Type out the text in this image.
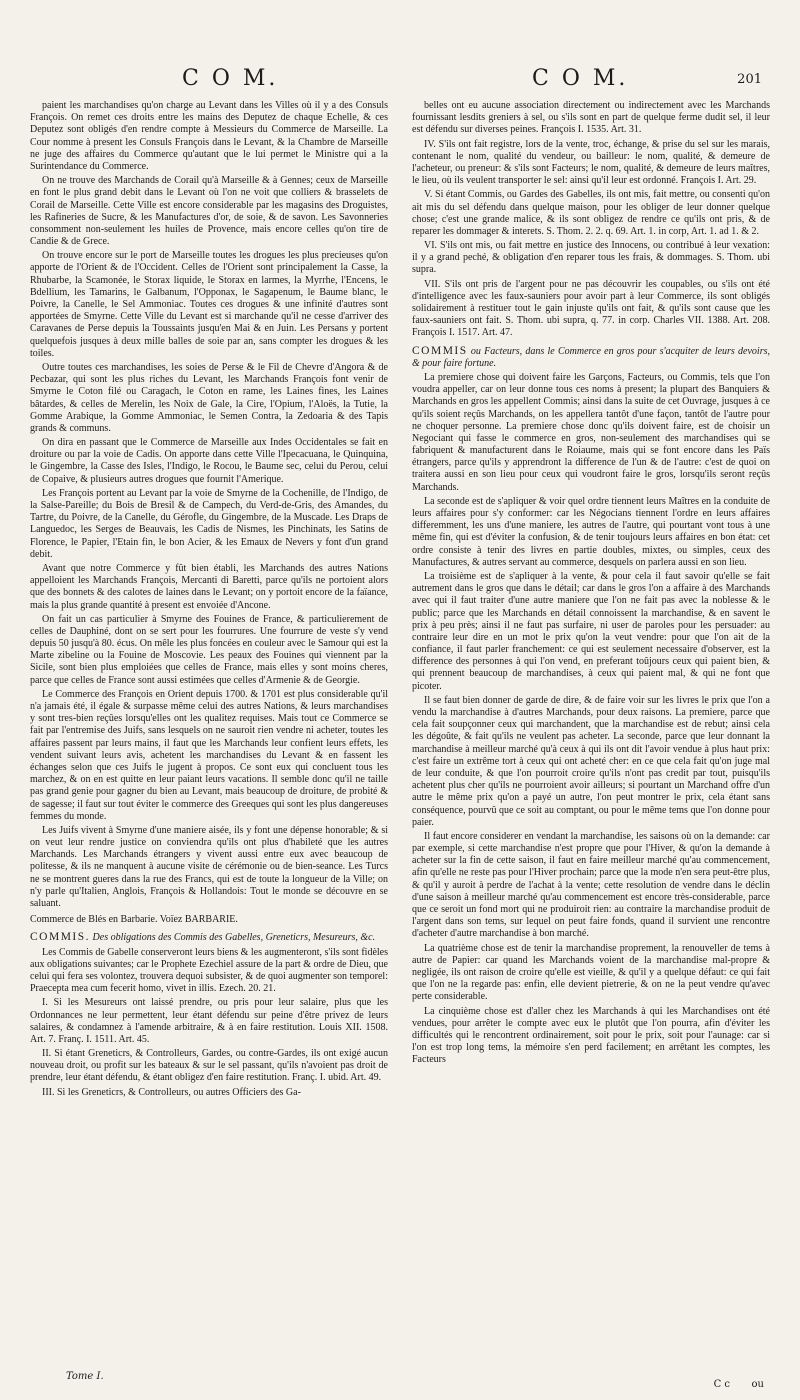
C O M.	C O M.	201

paient les marchandises qu'on charge au Levant dans les Villes où il y a des Consuls François. On remet ces droits entre les mains des Deputez de chaque Echelle, & ces Deputez sont obligés d'en rendre compte à Messieurs du Commerce de Marseille. La Cour nomme à present les Consuls François dans le Levant, & la Chambre de Marseille ne juge des affaires du Commerce qu'autant que le lui permet le Ministre qui a la Surintendance du Commerce.

On ne trouve des Marchands de Corail qu'à Marseille & à Gennes; ceux de Marseille en font le plus grand debit dans le Levant où l'on ne voit que colliers & brasselets de Corail de Marseille. Cette Ville est encore considerable par les magasins des Droguistes, les Rafineries de Sucre, & les Manufactures d'or, de soie, & de savon. Les Savonneries consomment non-seulement les huiles de Provence, mais encore celles qu'on tire de Candie & de Grece.

On trouve encore sur le port de Marseille toutes les drogues les plus precieuses qu'on apporte de l'Orient & de l'Occident. Celles de l'Orient sont principalement la Casse, la Rhubarbe, la Scamonée, le Storax liquide, le Storax en larmes, la Myrrhe, l'Encens, le Bdellium, les Tamarins, le Galbanum, l'Opponax, le Sagapenum, le Baume blanc, le Poivre, la Canelle, le Sel Ammoniac. Toutes ces drogues & une infinité d'autres sont apportées de Smyrne. Cette Ville du Levant est si marchande qu'il ne cesse d'arriver des Caravanes de Perse depuis la Toussaints jusqu'en Mai & en Juin. Les Persans y portent quelquefois jusques à deux mille balles de soie par an, sans compter les drogues & les toiles.

Outre toutes ces marchandises, les soies de Perse & le Fil de Chevre d'Angora & de Pecbazar, qui sont les plus riches du Levant, les Marchands François font venir de Smyrne le Coton filé ou Caragach, le Coton en rame, les Laines fines, les Laines bâtardes, & celles de Merelin, les Noix de Gale, la Cire, l'Opium, l'Aloës, la Tutie, la Gomme Arabique, la Gomme Ammoniac, le Semen Contra, la Zedoaria & des Tapis grands & communs.

On dira en passant que le Commerce de Marseille aux Indes Occidentales se fait en droiture ou par la voie de Cadis. On apporte dans cette Ville l'Ipecacuana, le Quinquina, le Gingembre, la Casse des Isles, l'Indigo, le Rocou, le Baume sec, celui du Perou, celui de Copaive, & plusieurs autres drogues que fournit l'Amerique.

Les François portent au Levant par la voie de Smyrne de la Cochenille, de l'Indigo, de la Salse-Pareille; du Bois de Bresil & de Campech, du Verd-de-Gris, des Amandes, du Tartre, du Poivre, de la Canelle, du Gérofle, du Gingembre, de la Muscade. Les Draps de Languedoc, les Serges de Beauvais, les Cadis de Nismes, les Pinchinats, les Satins de Florence, le Papier, l'Etain fin, le bon Acier, & les Emaux de Nevers y font d'un grand debit.

Avant que notre Commerce y fût bien établi, les Marchands des autres Nations appelloient les Marchands François, Mercanti di Baretti, parce qu'ils ne portoient alors que des bonnets & des calotes de laines dans le Levant; on y portoit encore de la faïance, mais la plus grande quantité à present est envoiée d'Ancone.

On fait un cas particulier à Smyrne des Fouines de France, & particulierement de celles de Dauphiné, dont on se sert pour les fourrures. Une fourrure de veste s'y vend depuis 50 jusqu'à 80. écus. On mêle les plus foncées en couleur avec le Samour qui est la Marte zibeline ou la Fouine de Moscovie. Les peaux des Fouines qui viennent par la Sicile, sont bien plus emploiées que celles de France, mais elles y sont moins cheres, parce que celles de France sont aussi estimées que celles d'Armenie & de Georgie.

Le Commerce des François en Orient depuis 1700. & 1701 est plus considerable qu'il n'a jamais été, il égale & surpasse même celui des autres Nations, & leurs marchandises y sont tres-bien reçûes lorsqu'elles ont les qualitez requises. Mais tout ce Commerce se fait par l'entremise des Juifs, sans lesquels on ne sauroit rien vendre ni acheter, toutes les affaires passent par leurs mains, il faut que les Marchands leur confient leurs effets, les vendent suivant leurs avis, achetent les marchandises du Levant & en fassent les échanges selon que ces Juifs le jugent à propos. Ce sont eux qui concluent tous les marchez, & on en est quitte en leur paiant leurs vacations. Il semble donc qu'il ne taille pas grand genie pour gagner du bien au Levant, mais beaucoup de droiture, de probité & de sagesse; il faut sur tout éviter le commerce des Greeques qui sont les plus dangereuses femmes du monde.

Les Juifs vivent à Smyrne d'une maniere aisée, ils y font une dépense honorable; & si on veut leur rendre justice on conviendra qu'ils ont plus d'habileté que les autres Marchands. Les Marchands étrangers y vivent aussi entre eux avec beaucoup de politesse, & ils ne manquent à aucune visite de cérémonie ou de bien-seance. Les Turcs ne se montrent gueres dans la rue des Francs, qui est de toute la longueur de la Ville; on n'y parle qu'Italien, Anglois, François & Hollandois: Tout le monde se découvre en se saluant.

Commerce de Blés en Barbarie. Voïez BARBARIE.

COMMIS. Des obligations des Commis des Gabelles, Greneticrs, Mesureurs, &c.

Les Commis de Gabelle conserveront leurs biens & les augmenteront, s'ils sont fidèles aux obligations suivantes; car le Prophete Ezechiel assure de la part & ordre de Dieu, que celui qui fera ses volontez, trouvera dequoi subsister, & de quoi augmenter son temporel: Praecepta mea cum fecerit homo, vivet in illis. Ezech. 20. 21.

I. Si les Mesureurs ont laissé prendre, ou pris pour leur salaire, plus que les Ordonnances ne leur permettent, leur étant défendu sur peine d'être privez de leurs salaires, & condamnez à l'amende arbitraire, & à en faire restitution. Louis XII. 1508. Art. 7. Franç. I. 1511. Art. 45.

II. Si étant Greneticrs, & Controlleurs, Gardes, ou contre-Gardes, ils ont exigé aucun nouveau droit, ou profit sur les bateaux & sur le sel passant, qu'ils n'avoient pas droit de prendre, leur étant défendu, & étant obligez d'en faire restitution. Franç. I. ubid. Art. 49.

III. Si les Greneticrs, & Controlleurs, ou autres Officiers des Ga-

belles ont eu aucune association directement ou indirectement avec les Marchands fournissant lesdits greniers à sel, ou s'ils sont en part de quelque ferme dudit sel, il leur est défendu sur diverses peines. François I. 1535. Art. 31.

IV. S'ils ont fait registre, lors de la vente, troc, échange, & prise du sel sur les marais, contenant le nom, qualité du vendeur, ou bailleur: le nom, qualité, & demeure de l'acheteur, ou preneur: & s'ils sont Facteurs; le nom, qualité, & demeure de leurs maîtres, le lieu, où ils veulent transporter le sel: ainsi qu'il leur est ordonné. François I. Art. 29.

V. Si étant Commis, ou Gardes des Gabelles, ils ont mis, fait mettre, ou consenti qu'on ait mis du sel défendu dans quelque maison, pour les obliger de leur donner quelque chose; c'est une grande malice, & ils sont obligez de rendre ce qu'ils ont pris, & de reparer les dommager & interets. S. Thom. 2. 2. q. 69. Art. 1. in corp, Art. 1. ad 1. & 2.

VI. S'ils ont mis, ou fait mettre en justice des Innocens, ou contribué à leur vexation: il y a grand peché, & obligation d'en reparer tous les frais, & dommages. S. Thom. ubi supra.

VII. S'ils ont pris de l'argent pour ne pas découvrir les coupables, ou s'ils ont été d'intelligence avec les faux-sauniers pour avoir part à leur Commerce, ils sont obligés solidairement à restituer tout le gain injuste qu'ils ont fait, & qu'ils sont cause que les faux-sauniers ont fait. S. Thom. ubi supra, q. 77. in corp. Charles VII. 1388. Art. 208. François I. 1517. Art. 47.

COMMIS ou Facteurs, dans le Commerce en gros pour s'acquiter de leurs devoirs, & pour faire fortune.

La premiere chose qui doivent faire les Garçons, Facteurs, ou Commis, tels que l'on voudra appeller, car on leur donne tous ces noms à present; la plupart des Banquiers & Marchands en gros les appellent Commis; ainsi dans la suite de cet Ouvrage, jusques à ce qu'ils soient reçûs Marchands, on les appellera tantôt d'une façon, tantôt de l'autre pour ne choquer personne. La premiere chose donc qu'ils doivent faire, est de choisir un Negociant qui fasse le commerce en gros, non-seulement des marchandises qui se fabriquent & manufacturent dans le Roiaume, mais qui se font encore dans les Païs étrangers, parce qu'ils y apprendront la difference de l'un & de l'autre: c'est de quoi on traitera aussi en son lieu pour ceux qui voudront faire le gros, lorsqu'ils seront reçûs Marchands.

La seconde est de s'apliquer & voir quel ordre tiennent leurs Maîtres en la conduite de leurs affaires pour s'y conformer: car les Négocians tiennent l'ordre en leurs affaires differemment, les uns d'une maniere, les autres de l'autre, qui pourtant vont tous à une même fin, qui est d'éviter la confusion, & de tenir toujours leurs affaires en bon état: cet ordre consiste à tenir des livres en partie doubles, mixtes, ou simples, ceux des Manufactures, & autres servant au commerce, desquels on parlera aussi en son lieu.

La troisième est de s'apliquer à la vente, & pour cela il faut savoir qu'elle se fait autrement dans le gros que dans le détail; car dans le gros l'on a affaire à des Marchands avec qui il faut traiter d'une autre maniere que l'on ne fait pas avec la noblesse & le public; parce que les Marchands en détail connoissent la marchandise, & en savent le prix à peu près; ainsi il ne faut pas surfaire, ni user de paroles pour les persuader: au contraire leur dire en un mot le prix qu'on la veut vendre: pour que l'on ait de la confiance, il faut parler franchement: ce qui est seulement necessaire d'observer, est la difference des personnes à qui l'on vend, en preferant toûjours ceux qui paient bien, & qui prennent beaucoup de marchandises, à ceux qui paient mal, & qui ne font que picoter.

Il se faut bien donner de garde de dire, & de faire voir sur les livres le prix que l'on a vendu la marchandise à d'autres Marchands, pour deux raisons. La premiere, parce que cela fait soupçonner ceux qui marchandent, que la marchandise est de rebut; ainsi cela les dégoûte, & fait qu'ils ne veulent pas acheter. La seconde, parce que leur donnant la marchandise à meilleur marché qu'à ceux à qui ils ont dit l'avoir vendue à plus haut prix: c'est faire un extrême tort à ceux qui ont acheté cher: en ce que cela fait qu'on juge mal de leur conduite, & que l'on pourroit croire qu'ils n'ont pas credit par tout, puisqu'ils achetent plus cher qu'ils ne pourroient avoir ailleurs; si pourtant un Marchand offre d'un autre le même prix qu'on a payé un autre, l'on peut montrer le prix, cela étant sans conséquence, pourvû que ce soit au comptant, ou pour le même tems que l'on donne pour paier.

Il faut encore considerer en vendant la marchandise, les saisons où on la demande: car par exemple, si cette marchandise n'est propre que pour l'Hiver, & qu'on la demande à acheter sur la fin de cette saison, il faut en faire meilleur marché qu'au commencement, afin qu'elle ne reste pas pour l'Hiver prochain; parce que la mode n'en sera peut-être plus, & qu'il y auroit à perdre de l'achat à la vente; cette resolution de vendre dans le déclin d'une saison à meilleur marché qu'au commencement est encore très-considerable, parce que ce seroit un fond mort qui ne produiroit rien: au contraire la marchandise produit de l'argent dans son tems, sur lequel on peut faire fonds, quand il survient une rencontre d'acheter d'autre marchandise à bon marché.

La quatrième chose est de tenir la marchandise proprement, la renouveller de tems à autre de Papier: car quand les Marchands voient de la marchandise mal-propre & negligée, ils ont raison de croire qu'elle est vieille, & qu'il y a quelque défaut: ce qui fait que l'on ne la regarde pas: enfin, elle devient pietrerie, & on ne la peut vendre qu'avec perte considerable.

La cinquième chose est d'aller chez les Marchands à qui les Marchandises ont été vendues, pour arrêter le compte avec eux le plutôt que l'on pourra, afin d'éviter les difficultés qui le rencontrent ordinairement, soit pour le prix, soit pour l'aunage: car si l'on est trop long tems, la mémoire s'en perd facilement; en arrêtant les comptes, les Facteurs

Tome I.
C c ou
